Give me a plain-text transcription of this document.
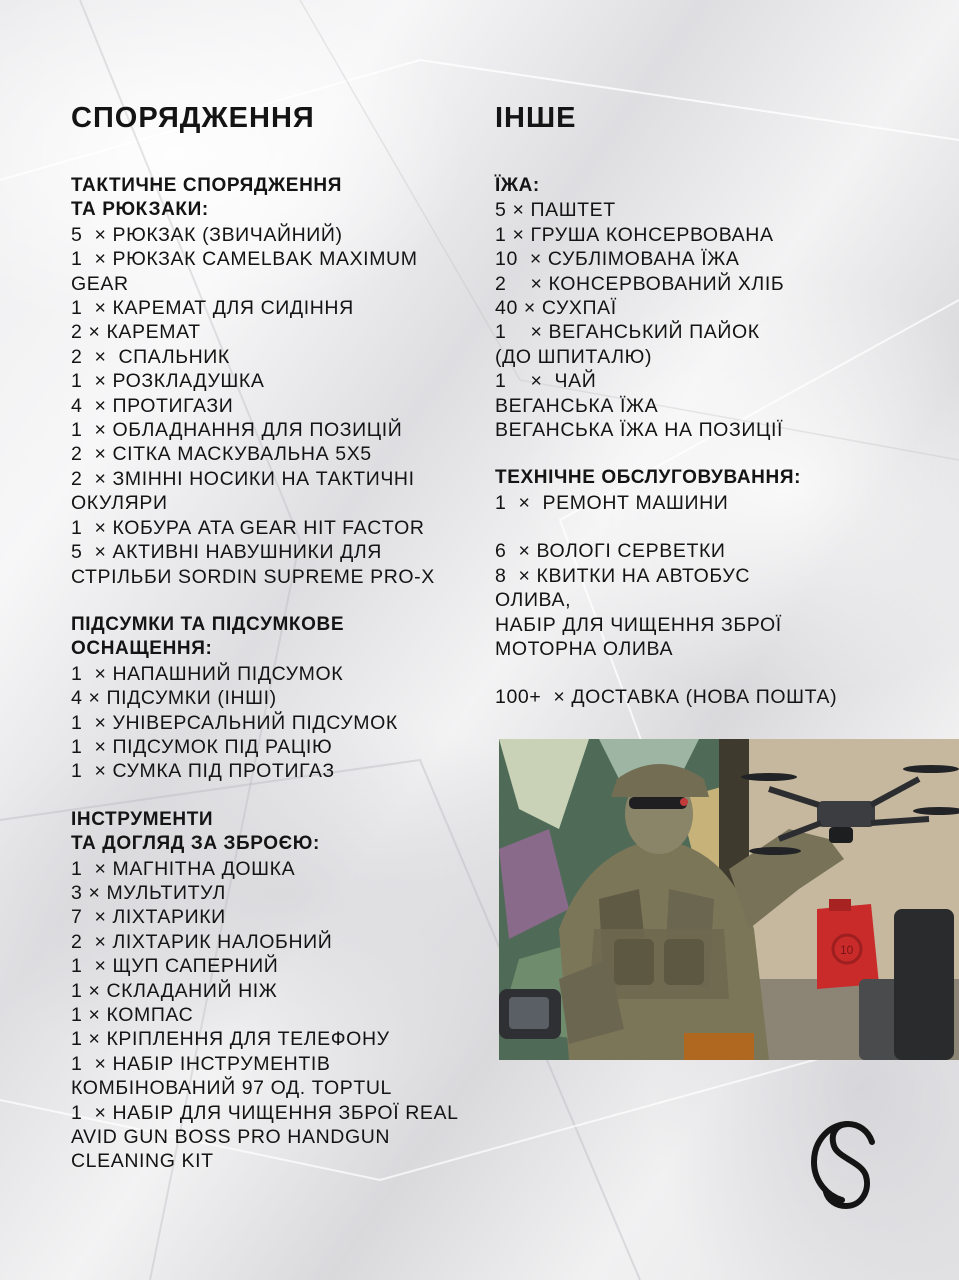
СПОРЯДЖЕННЯ
ТАКТИЧНЕ СПОРЯДЖЕННЯ
ТА РЮКЗАКИ:
5  × РЮКЗАК (ЗВИЧАЙНИЙ)
1  × РЮКЗАК CAMELBAK MAXIMUM GEAR
1  × КАРЕМАТ ДЛЯ СИДІННЯ
2 × КАРЕМАТ
2  ×  СПАЛЬНИК
1  × РОЗКЛАДУШКА
4  × ПРОТИГАЗИ
1  × ОБЛАДНАННЯ ДЛЯ ПОЗИЦІЙ
2  × СІТКА МАСКУВАЛЬНА 5Х5
2  × ЗМІННІ НОСИКИ НА ТАКТИЧНІ ОКУЛЯРИ
1  × КОБУРА ATA GEAR HIT FACTOR
5  × АКТИВНІ НАВУШНИКИ ДЛЯ СТРІЛЬБИ SORDIN SUPREME PRO-X
ПІДСУМКИ ТА ПІДСУМКОВЕ
ОСНАЩЕННЯ:
1  × НАПАШНИЙ ПІДСУМОК
4 × ПІДСУМКИ (ІНШІ)
1  × УНІВЕРСАЛЬНИЙ ПІДСУМОК
1  × ПІДСУМОК ПІД РАЦІЮ
1  × СУМКА ПІД ПРОТИГАЗ
ІНСТРУМЕНТИ
ТА ДОГЛЯД ЗА ЗБРОЄЮ:
1  × МАГНІТНА ДОШКА
3 × МУЛЬТИТУЛ
7  × ЛІХТАРИКИ
2  × ЛІХТАРИК НАЛОБНИЙ
1  × ЩУП САПЕРНИЙ
1 × СКЛАДАНИЙ НІЖ
1 × КОМПАС
1 × КРІПЛЕННЯ ДЛЯ ТЕЛЕФОНУ
1  × НАБІР ІНСТРУМЕНТІВ КОМБІНОВАНИЙ 97 ОД. TOPTUL
1  × НАБІР ДЛЯ ЧИЩЕННЯ ЗБРОЇ REAL AVID GUN BOSS PRO HANDGUN CLEANING KIT
ІНШЕ
ЇЖА:
5 × ПАШТЕТ
1 × ГРУША КОНСЕРВОВАНА
10  × СУБЛІМОВАНА ЇЖА
2    × КОНСЕРВОВАНИЙ ХЛІБ
40 × СУХПАЇ
1    × ВЕГАНСЬКИЙ ПАЙОК (ДО ШПИТАЛЮ)
1    ×  ЧАЙ
ВЕГАНСЬКА ЇЖА
ВЕГАНСЬКА ЇЖА НА ПОЗИЦІЇ
ТЕХНІЧНЕ ОБСЛУГОВУВАННЯ:
1  ×  РЕМОНТ МАШИНИ
6  × ВОЛОГІ СЕРВЕТКИ
8  × КВИТКИ НА АВТОБУС
ОЛИВА,
НАБІР ДЛЯ ЧИЩЕННЯ ЗБРОЇ
МОТОРНА ОЛИВА
100+  × ДОСТАВКА (НОВА ПОШТА)
10
